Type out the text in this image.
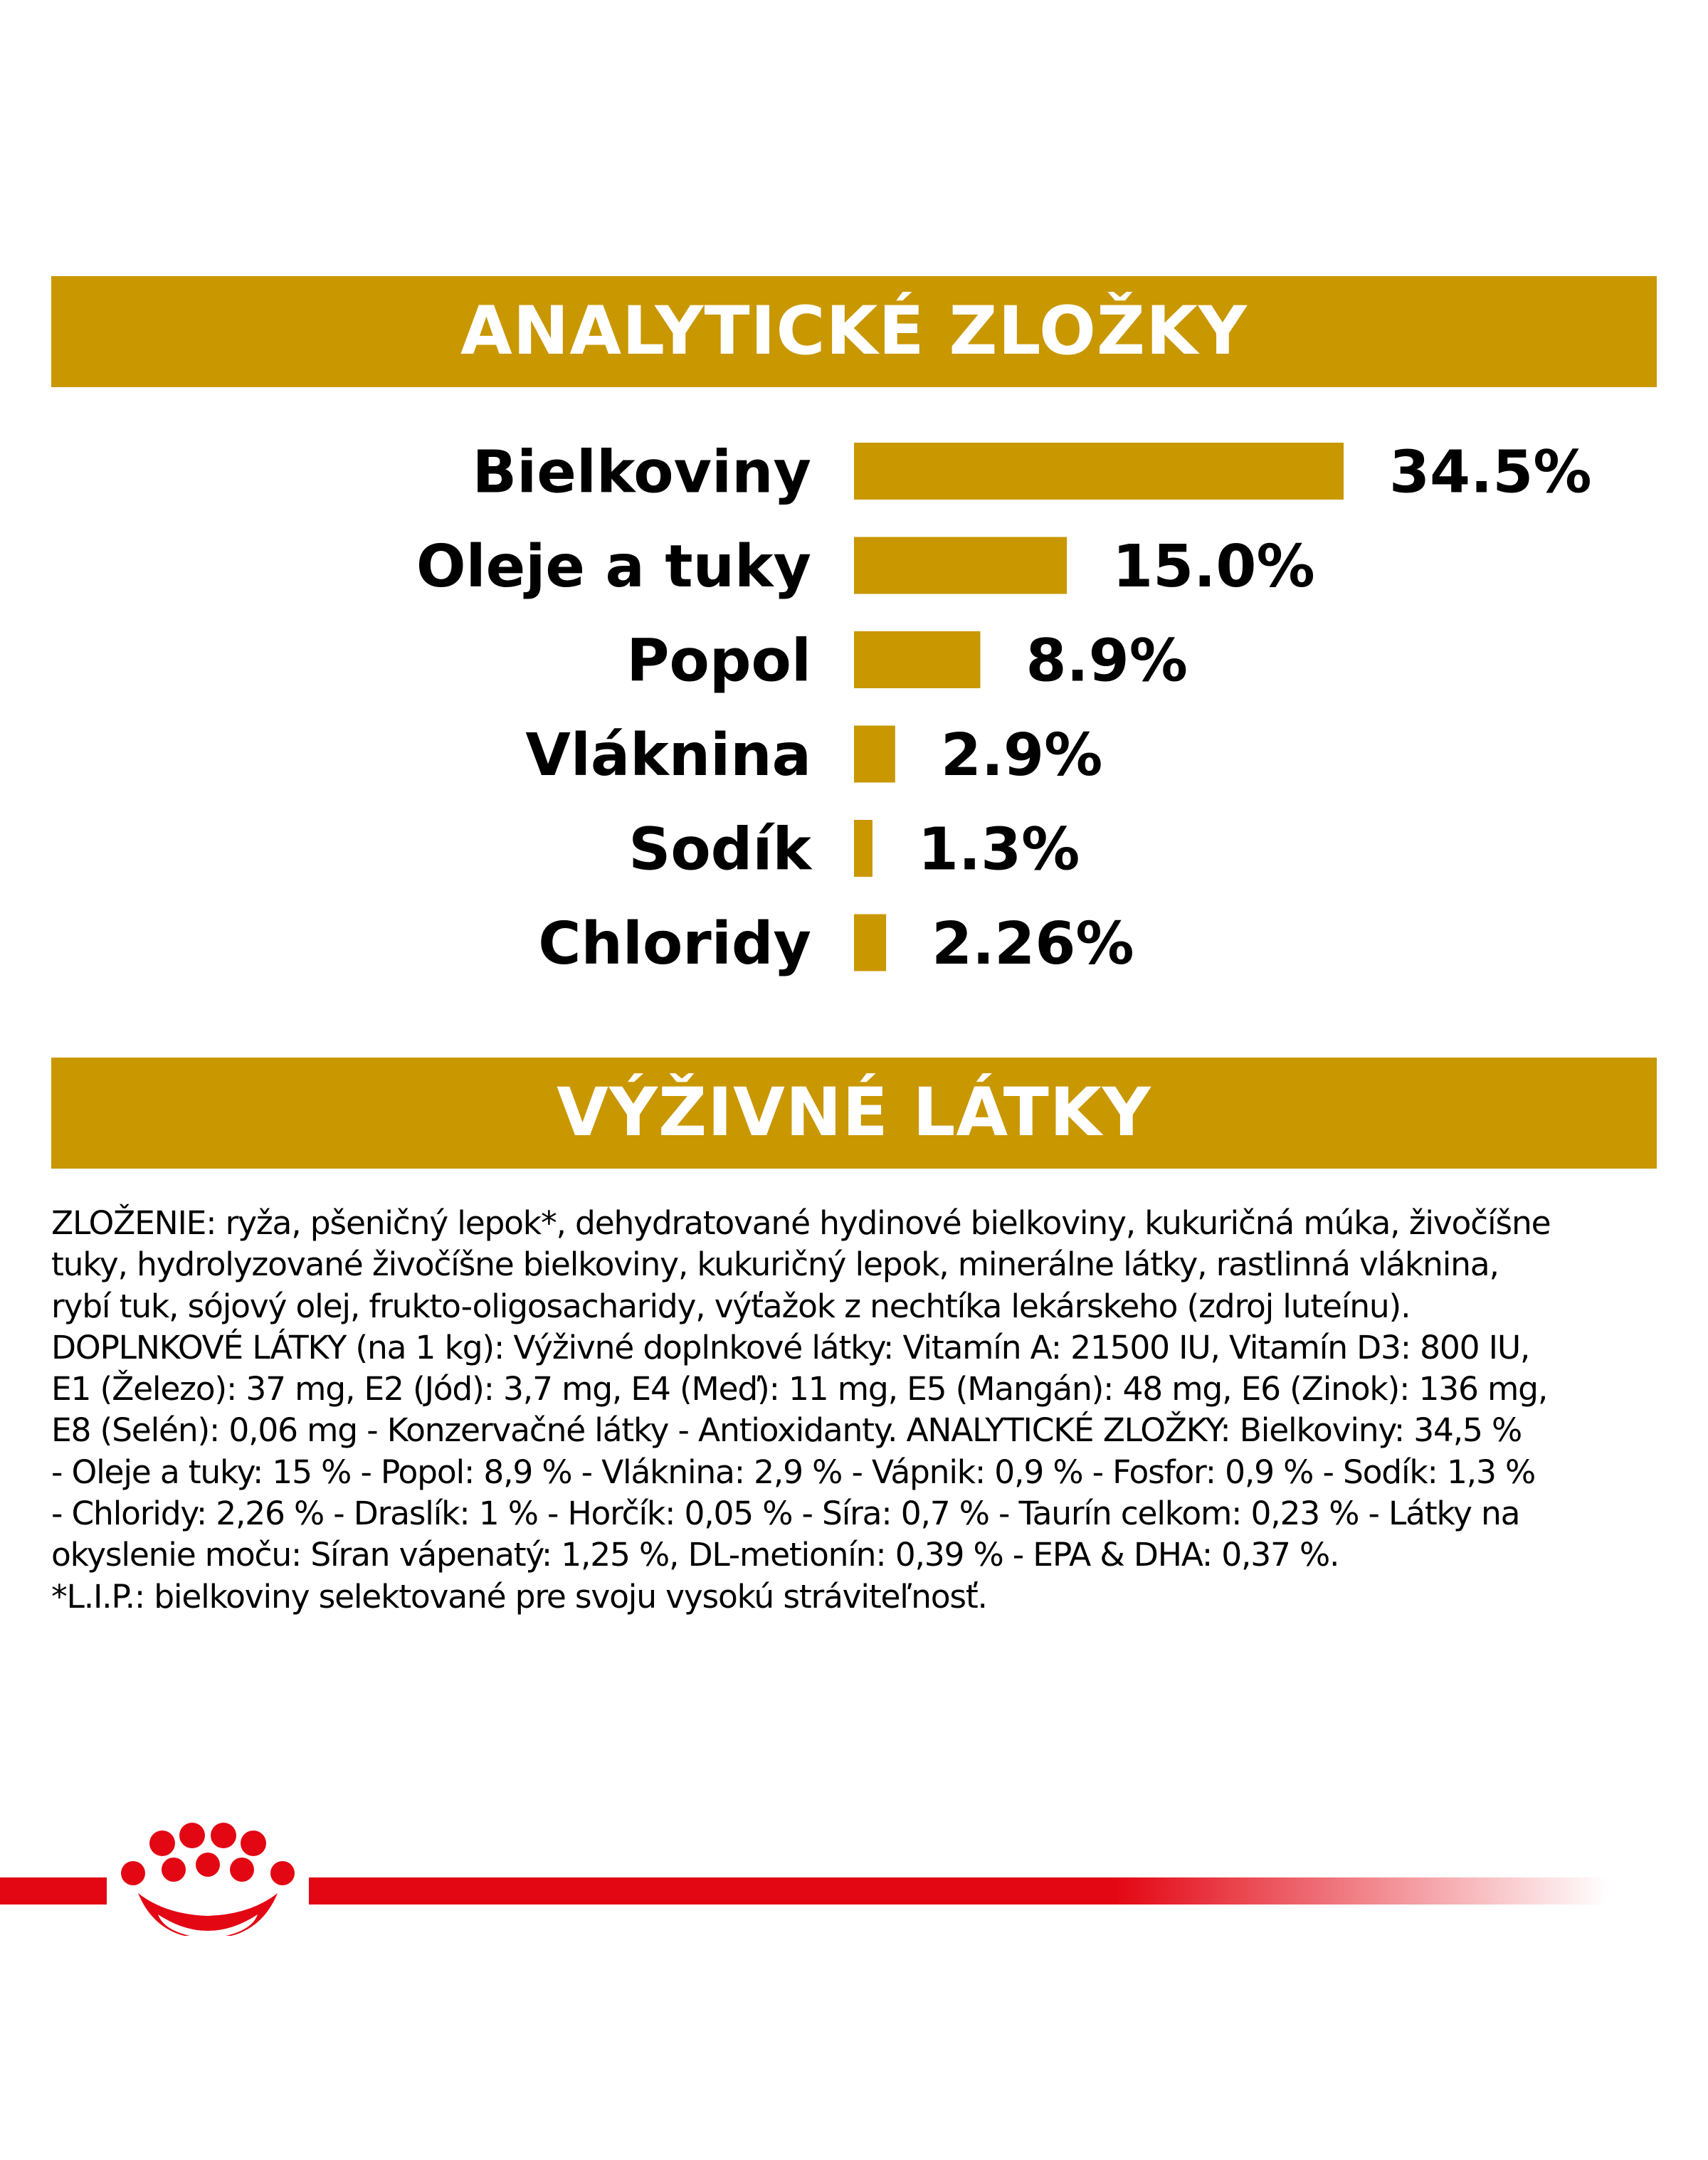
ANALYTICKÉ ZLOŽKY
Bielkoviny	34.5%
Oleje a tuky	15.0%
Popol	8.9%
Vláknina 2.9%
Sodík 1.3%
Chloridy 2.26%
VÝŽIVNÉ LÁTKY

ZLOŽENIE: ryža, pšeničný lepok*, dehydratované hydinové bielkoviny, kukuričná múka, živočíšne

tuky, hydrolyzované živočíšne bielkoviny, kukuričný lepok, minerálne látky, rastlinná vláknina,

rybí tuk, sójový olej, frukto-oligosacharidy, výťažok z nechtíka lekárskeho (zdroj luteínu).

DOPLNKOVÉ LÁTKY (na 1 kg): Výživné doplnkové látky: Vitamín A: 21500 IU, Vitamín D3: 800 IU,

E1 (Železo): 37 mg, E2 (Jód): 3,7 mg, E4 (Meď): 11 mg, E5 (Mangán): 48 mg, E6 (Zinok): 136 mg,

E8 (Selén): 0,06 mg - Konzervačné látky - Antioxidanty. ANALYTICKÉ ZLOŽKY: Bielkoviny: 34,5 %

- Oleje a tuky: 15 % - Popol: 8,9 % - Vláknina: 2,9 % - Vápnik: 0,9 % - Fosfor: 0,9 % - Sodík: 1,3 %

- Chloridy: 2,26 % - Draslík: 1 % - Horčík: 0,05 % - Síra: 0,7 % - Taurín celkom: 0,23 % - Látky na

okyslenie moču: Síran vápenatý: 1,25 %, DL-metionín: 0,39 % - EPA & DHA: 0,37 %.

*L.I.P.: bielkoviny selektované pre svoju vysokú stráviteľnosť.
